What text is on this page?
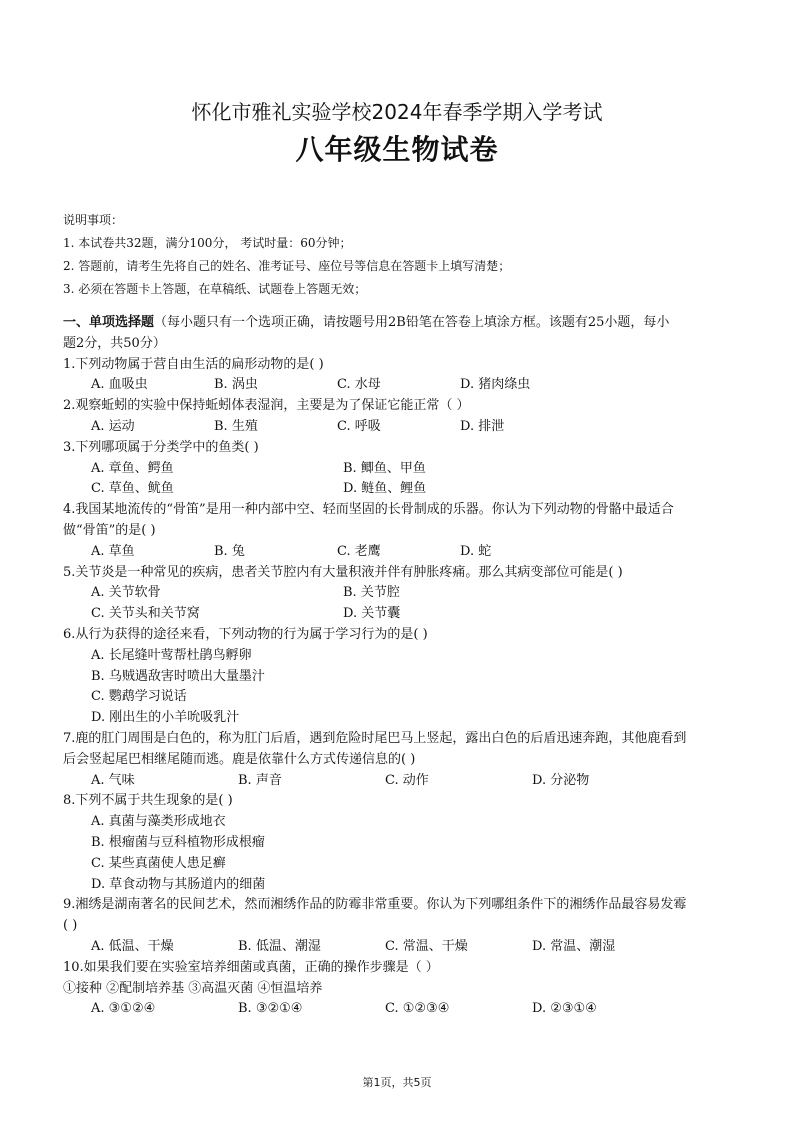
怀化市雅礼实验学校2024年春季学期入学考试
八年级生物试卷
说明事项：
1. 本试卷共32题，满分100分， 考试时量：60分钟；
2. 答题前，请考生先将自己的姓名、准考证号、座位号等信息在答题卡上填写清楚；
3. 必须在答题卡上答题，在草稿纸、试题卷上答题无效；
一、单项选择题（每小题只有一个选项正确，请按题号用2B铅笔在答卷上填涂方框。该题有25小题，每小
题2分，共50分）
1.下列动物属于营自由生活的扁形动物的是( )
A. 血吸虫	B. 涡虫	C. 水母	D. 猪肉绦虫
2.观察蚯蚓的实验中保持蚯蚓体表湿润，主要是为了保证它能正常（ ）
A. 运动	B. 生殖	C. 呼吸	D. 排泄
3.下列哪项属于分类学中的鱼类( )
A. 章鱼、鳄鱼	B. 鲫鱼、甲鱼
C. 草鱼、鱿鱼	D. 鲢鱼、鲤鱼
4.我国某地流传的“骨笛”是用一种内部中空、轻而坚固的长骨制成的乐器。你认为下列动物的骨骼中最适合
做“骨笛”的是( )
A. 草鱼	B. 兔	C. 老鹰	D. 蛇
5.关节炎是一种常见的疾病，患者关节腔内有大量积液并伴有肿胀疼痛。那么其病变部位可能是( )
A. 关节软骨	B. 关节腔
C. 关节头和关节窝	D. 关节囊
6.从行为获得的途径来看，下列动物的行为属于学习行为的是( )
A. 长尾缝叶莺帮杜鹃鸟孵卵
B. 乌贼遇敌害时喷出大量墨汁
C. 鹦鹉学习说话
D. 刚出生的小羊吮吸乳汁
7.鹿的肛门周围是白色的，称为肛门后盾，遇到危险时尾巴马上竖起，露出白色的后盾迅速奔跑，其他鹿看到
后会竖起尾巴相继尾随而逃。鹿是依靠什么方式传递信息的( )
A. 气味	B. 声音	C. 动作	D. 分泌物
8.下列不属于共生现象的是( )
A. 真菌与藻类形成地衣
B. 根瘤菌与豆科植物形成根瘤
C. 某些真菌使人患足癣
D. 草食动物与其肠道内的细菌
9.湘绣是湖南著名的民间艺术，然而湘绣作品的防霉非常重要。你认为下列哪组条件下的湘绣作品最容易发霉
( )
A. 低温、干燥	B. 低温、潮湿	C. 常温、干燥	D. 常温、潮湿
10.如果我们要在实验室培养细菌或真菌，正确的操作步骤是（ ）
①接种 ②配制培养基 ③高温灭菌 ④恒温培养
A. ③①②④	B. ③②①④	C. ①②③④	D. ②③①④
第1页，共5页
